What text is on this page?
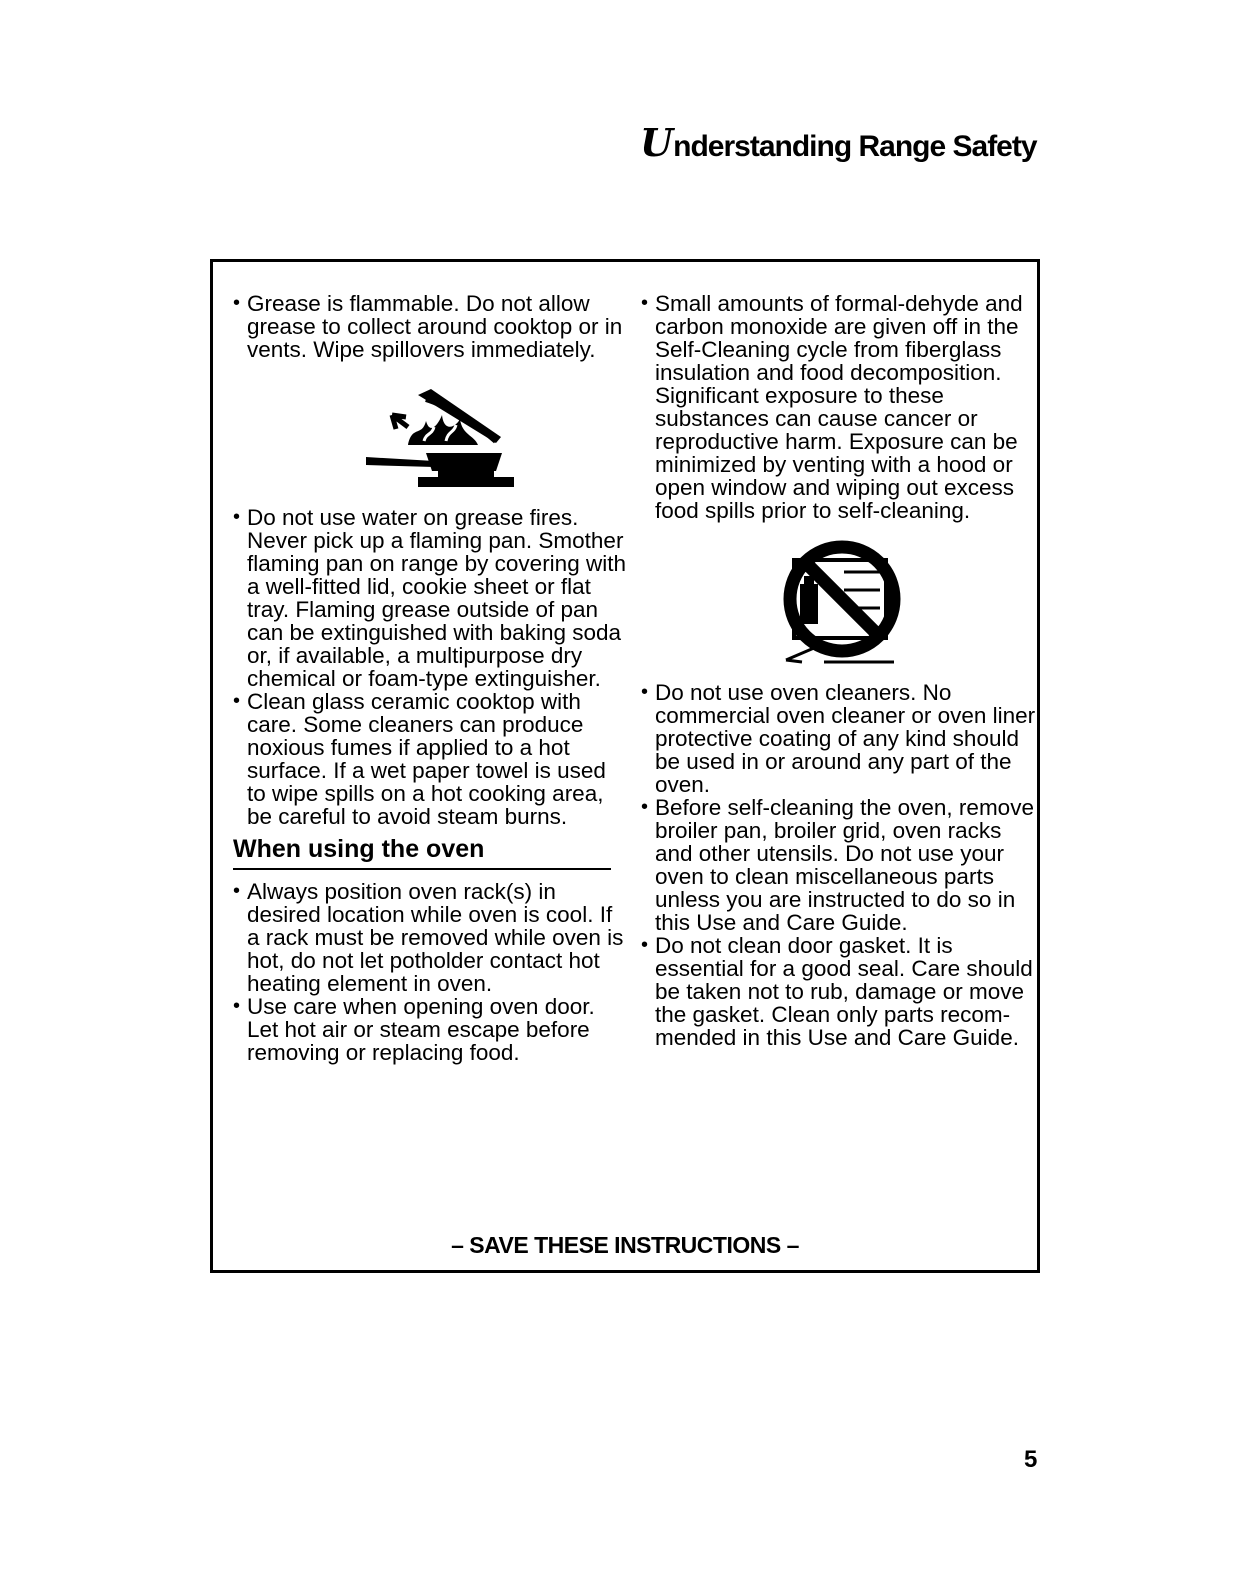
Understanding Range Safety

• Grease is flammable. Do not allow grease to collect around cooktop or in vents. Wipe spillovers immediately.

• Do not use water on grease fires. Never pick up a flaming pan. Smother flaming pan on range by covering with a well-fitted lid, cookie sheet or flat tray. Flaming grease outside of pan can be extinguished with baking soda or, if available, a multipurpose dry chemical or foam-type extinguisher.

• Clean glass ceramic cooktop with care. Some cleaners can produce noxious fumes if applied to a hot surface. If a wet paper towel is used to wipe spills on a hot cooking area, be careful to avoid steam burns.

When using the oven

• Always position oven rack(s) in desired location while oven is cool. If a rack must be removed while oven is hot, do not let potholder contact hot heating element in oven.

• Use care when opening oven door. Let hot air or steam escape before removing or replacing food.

• Small amounts of formal-dehyde and carbon monoxide are given off in the Self-Cleaning cycle from fiberglass insulation and food decomposition. Significant exposure to these substances can cause cancer or reproductive harm. Exposure can be minimized by venting with a hood or open window and wiping out excess food spills prior to self-cleaning.

• Do not use oven cleaners. No commercial oven cleaner or oven liner protective coating of any kind should be used in or around any part of the oven.

• Before self-cleaning the oven, remove broiler pan, broiler grid, oven racks and other utensils. Do not use your oven to clean miscellaneous parts unless you are instructed to do so in this Use and Care Guide.

• Do not clean door gasket. It is essential for a good seal. Care should be taken not to rub, damage or move the gasket. Clean only parts recom-mended in this Use and Care Guide.

– SAVE THESE INSTRUCTIONS –
5
